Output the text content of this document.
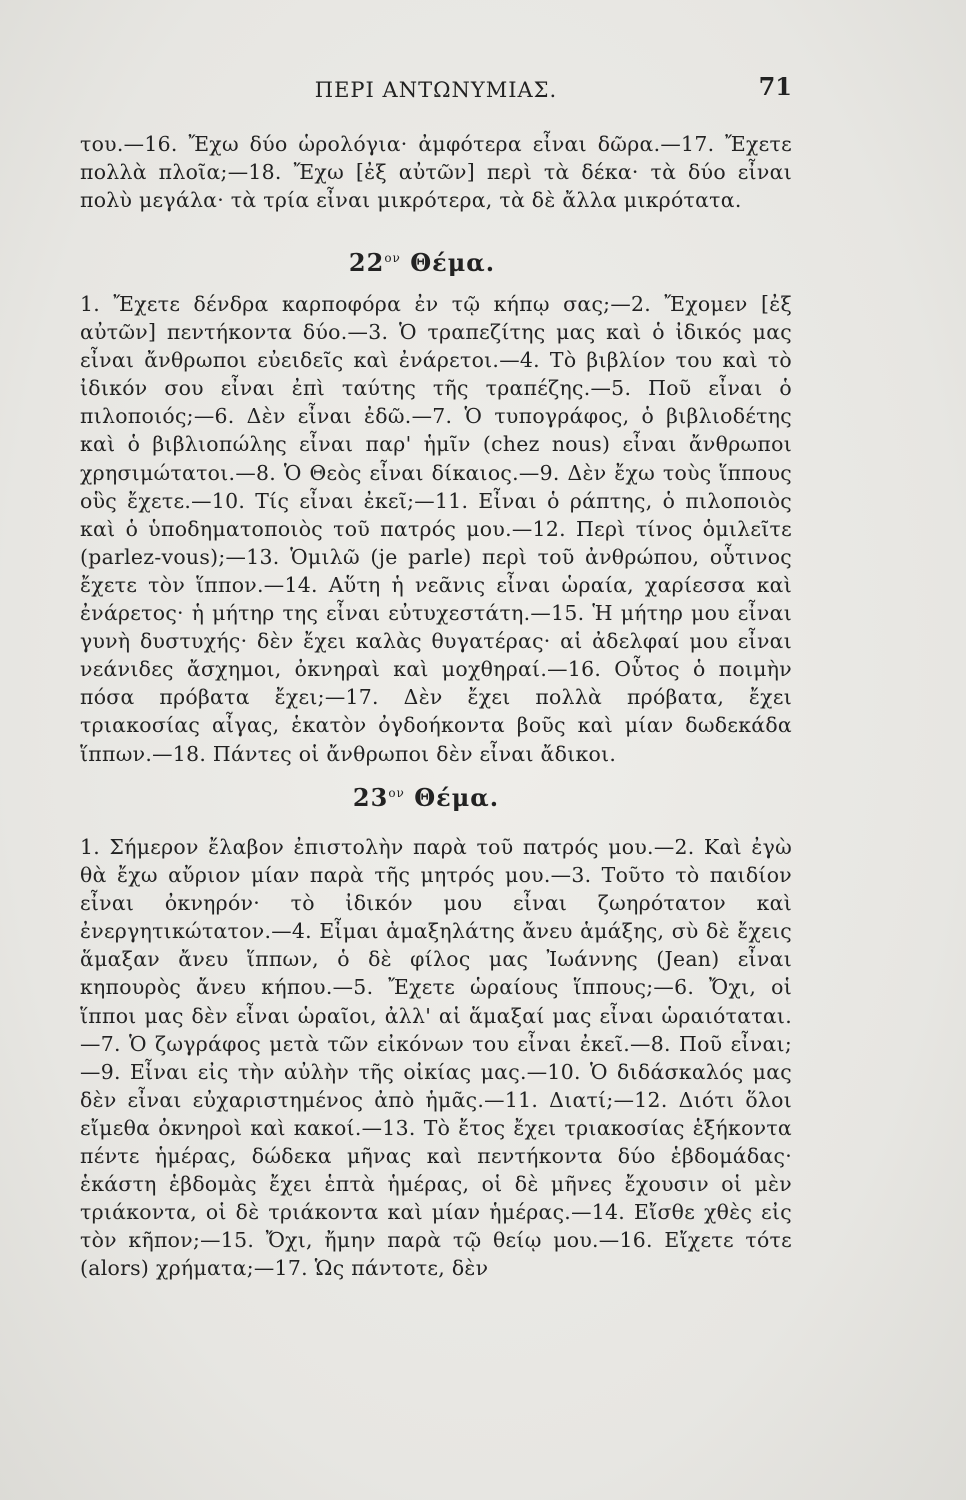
ΠΕΡΙ ΑΝΤΩΝΥΜΙΑΣ.	71

του.—16. Ἔχω δύο ὡρολόγια· ἀμφότερα εἶναι δῶρα.—17. Ἔχετε πολλὰ πλοῖα;—18. Ἔχω [ἐξ αὐτῶν] περὶ τὰ δέκα· τὰ δύο εἶναι πολὺ μεγάλα· τὰ τρία εἶναι μικρότερα, τὰ δὲ ἄλλα μικρότατα.

$22^{o\nu}$ Θέμα.

1. Ἔχετε δένδρα καρποφόρα ἐν τῷ κήπῳ σας;—2. Ἔχομεν [ἐξ αὐτῶν] πεντήκοντα δύο.—3. Ὁ τραπεζίτης μας καὶ ὁ ἰδικός μας εἶναι ἄνθρωποι εὐειδεῖς καὶ ἐνάρετοι.—4. Τὸ βιβλίον του καὶ τὸ ἰδικόν σου εἶναι ἐπὶ ταύτης τῆς τραπέζης.—5. Ποῦ εἶναι ὁ πιλοποιός;—6. Δὲν εἶναι ἐδῶ.—7. Ὁ τυπογράφος, ὁ βιβλιοδέτης καὶ ὁ βιβλιοπώλης εἶναι παρ' ἡμῖν (chez nous) εἶναι ἄνθρωποι χρησιμώτατοι.—8. Ὁ Θεὸς εἶναι δίκαιος.—9. Δὲν ἔχω τοὺς ἵππους οὓς ἔχετε.—10. Τίς εἶναι ἐκεῖ;—11. Εἶναι ὁ ράπτης, ὁ πιλοποιὸς καὶ ὁ ὑποδηματοποιὸς τοῦ πατρός μου.—12. Περὶ τίνος ὁμιλεῖτε (parlez-vous);—13. Ὁμιλῶ (je parle) περὶ τοῦ ἀνθρώπου, οὗτινος ἔχετε τὸν ἵππον.—14. Αὕτη ἡ νεᾶνις εἶναι ὡραία, χαρίεσσα καὶ ἐνάρετος· ἡ μήτηρ της εἶναι εὐτυχεστάτη.—15. Ἡ μήτηρ μου εἶναι γυνὴ δυστυχής· δὲν ἔχει καλὰς θυγατέρας· αἱ ἀδελφαί μου εἶναι νεάνιδες ἄσχημοι, ὀκνηραὶ καὶ μοχθηραί.—16. Οὗτος ὁ ποιμὴν πόσα πρόβατα ἔχει;—17. Δὲν ἔχει πολλὰ πρόβατα, ἔχει τριακοσίας αἶγας, ἑκατὸν ὀγδοήκοντα βοῦς καὶ μίαν δωδεκάδα ἵππων.—18. Πάντες οἱ ἄνθρωποι δὲν εἶναι ἄδικοι.

$23^{o\nu}$ Θέμα.

1. Σήμερον ἔλαβον ἐπιστολὴν παρὰ τοῦ πατρός μου.—2. Καὶ ἐγὼ θὰ ἔχω αὔριον μίαν παρὰ τῆς μητρός μου.—3. Τοῦτο τὸ παιδίον εἶναι ὀκνηρόν· τὸ ἰδικόν μου εἶναι ζωηρότατον καὶ ἐνεργητικώτατον.—4. Εἶμαι ἁμαξηλάτης ἄνευ ἁμάξης, σὺ δὲ ἔχεις ἅμαξαν ἄνευ ἵππων, ὁ δὲ φίλος μας Ἰωάννης (Jean) εἶναι κηπουρὸς ἄνευ κήπου.—5. Ἔχετε ὡραίους ἵππους;—6. Ὄχι, οἱ ἵπποι μας δὲν εἶναι ὡραῖοι, ἀλλ' αἱ ἅμαξαί μας εἶναι ὡραιόταται.—7. Ὁ ζωγράφος μετὰ τῶν εἰκόνων του εἶναι ἐκεῖ.—8. Ποῦ εἶναι;—9. Εἶναι εἰς τὴν αὐλὴν τῆς οἰκίας μας.—10. Ὁ διδάσκαλός μας δὲν εἶναι εὐχαριστημένος ἀπὸ ἡμᾶς.—11. Διατί;—12. Διότι ὅλοι εἴμεθα ὀκνηροὶ καὶ κακοί.—13. Τὸ ἔτος ἔχει τριακοσίας ἑξήκοντα πέντε ἡμέρας, δώδεκα μῆνας καὶ πεντήκοντα δύο ἑβδομάδας· ἑκάστη ἑβδομὰς ἔχει ἑπτὰ ἡμέρας, οἱ δὲ μῆνες ἔχουσιν οἱ μὲν τριάκοντα, οἱ δὲ τριάκοντα καὶ μίαν ἡμέρας.—14. Εἴσθε χθὲς εἰς τὸν κῆπον;—15. Ὄχι, ἤμην παρὰ τῷ θείῳ μου.—16. Εἴχετε τότε (alors) χρήματα;—17. Ὡς πάντοτε, δὲν
